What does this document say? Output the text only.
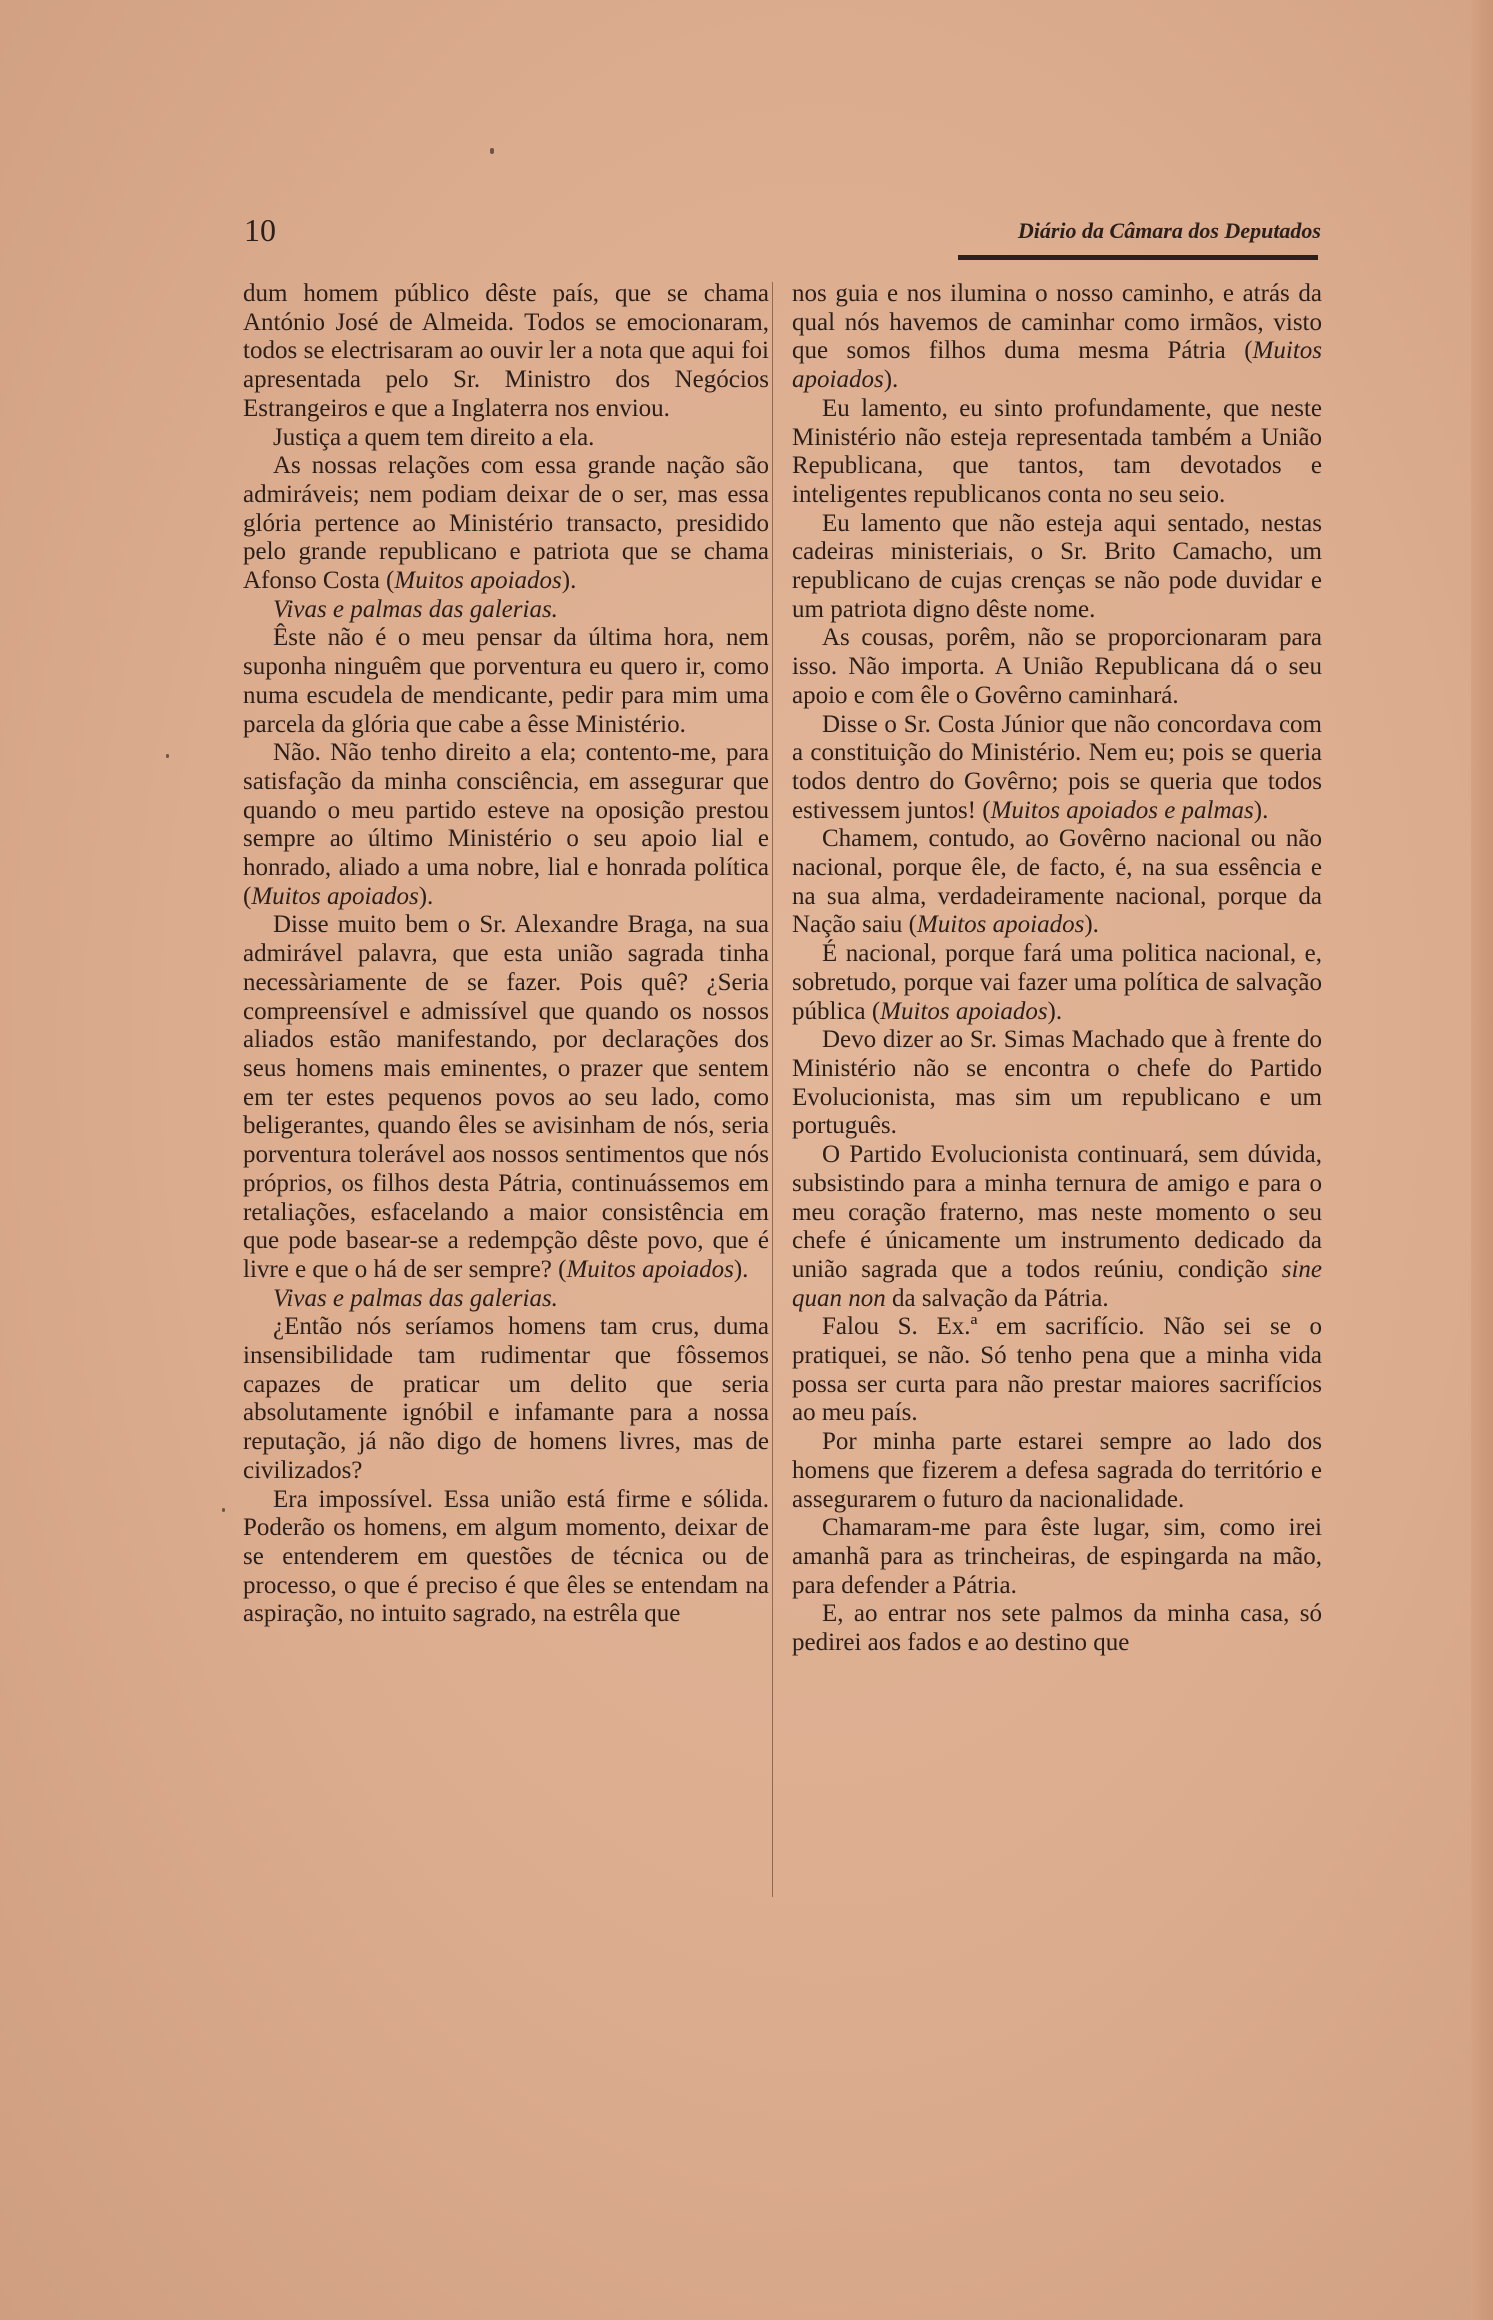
10	Diário da Câmara dos Deputados

dum homem público dêste país, que se chama António José de Almeida. Todos se emocionaram, todos se electrisaram ao ouvir ler a nota que aqui foi apresentada pelo Sr. Ministro dos Negócios Estrangeiros e que a Inglaterra nos enviou.

Justiça a quem tem direito a ela.

As nossas relações com essa grande nação são admiráveis; nem podiam deixar de o ser, mas essa glória pertence ao Ministério transacto, presidido pelo grande republicano e patriota que se chama Afonso Costa (Muitos apoiados).

Vivas e palmas das galerias.

Êste não é o meu pensar da última hora, nem suponha ninguêm que porventura eu quero ir, como numa escudela de mendicante, pedir para mim uma parcela da glória que cabe a êsse Ministério.

Não. Não tenho direito a ela; contento-me, para satisfação da minha consciência, em assegurar que quando o meu partido esteve na oposição prestou sempre ao último Ministério o seu apoio lial e honrado, aliado a uma nobre, lial e honrada política (Muitos apoiados).

Disse muito bem o Sr. Alexandre Braga, na sua admirável palavra, que esta união sagrada tinha necessàriamente de se fazer. Pois quê? ¿Seria compreensível e admissível que quando os nossos aliados estão manifestando, por declarações dos seus homens mais eminentes, o prazer que sentem em ter estes pequenos povos ao seu lado, como beligerantes, quando êles se avisinham de nós, seria porventura tolerável aos nossos sentimentos que nós próprios, os filhos desta Pátria, continuássemos em retaliações, esfacelando a maior consistência em que pode basear-se a redempção dêste povo, que é livre e que o há de ser sempre? (Muitos apoiados).

Vivas e palmas das galerias.

¿Então nós seríamos homens tam crus, duma insensibilidade tam rudimentar que fôssemos capazes de praticar um delito que seria absolutamente ignóbil e infamante para a nossa reputação, já não digo de homens livres, mas de civilizados?

Era impossível. Essa união está firme e sólida. Poderão os homens, em algum momento, deixar de se entenderem em questões de técnica ou de processo, o que é preciso é que êles se entendam na aspiração, no intuito sagrado, na estrêla que

nos guia e nos ilumina o nosso caminho, e atrás da qual nós havemos de caminhar como irmãos, visto que somos filhos duma mesma Pátria (Muitos apoiados).

Eu lamento, eu sinto profundamente, que neste Ministério não esteja representada também a União Republicana, que tantos, tam devotados e inteligentes republicanos conta no seu seio.

Eu lamento que não esteja aqui sentado, nestas cadeiras ministeriais, o Sr. Brito Camacho, um republicano de cujas crenças se não pode duvidar e um patriota digno dêste nome.

As cousas, porêm, não se proporcionaram para isso. Não importa. A União Republicana dá o seu apoio e com êle o Govêrno caminhará.

Disse o Sr. Costa Júnior que não concordava com a constituição do Ministério. Nem eu; pois se queria todos dentro do Govêrno; pois se queria que todos estivessem juntos! (Muitos apoiados e palmas).

Chamem, contudo, ao Govêrno nacional ou não nacional, porque êle, de facto, é, na sua essência e na sua alma, verdadeiramente nacional, porque da Nação saiu (Muitos apoiados).

É nacional, porque fará uma politica nacional, e, sobretudo, porque vai fazer uma política de salvação pública (Muitos apoiados).

Devo dizer ao Sr. Simas Machado que à frente do Ministério não se encontra o chefe do Partido Evolucionista, mas sim um republicano e um português.

O Partido Evolucionista continuará, sem dúvida, subsistindo para a minha ternura de amigo e para o meu coração fraterno, mas neste momento o seu chefe é únicamente um instrumento dedicado da união sagrada que a todos reúniu, condição sine quan non da salvação da Pátria.

Falou S. Ex.ª em sacrifício. Não sei se o pratiquei, se não. Só tenho pena que a minha vida possa ser curta para não prestar maiores sacrifícios ao meu país.

Por minha parte estarei sempre ao lado dos homens que fizerem a defesa sagrada do território e assegurarem o futuro da nacionalidade.

Chamaram-me para êste lugar, sim, como irei amanhã para as trincheiras, de espingarda na mão, para defender a Pátria.

E, ao entrar nos sete palmos da minha casa, só pedirei aos fados e ao destino que
